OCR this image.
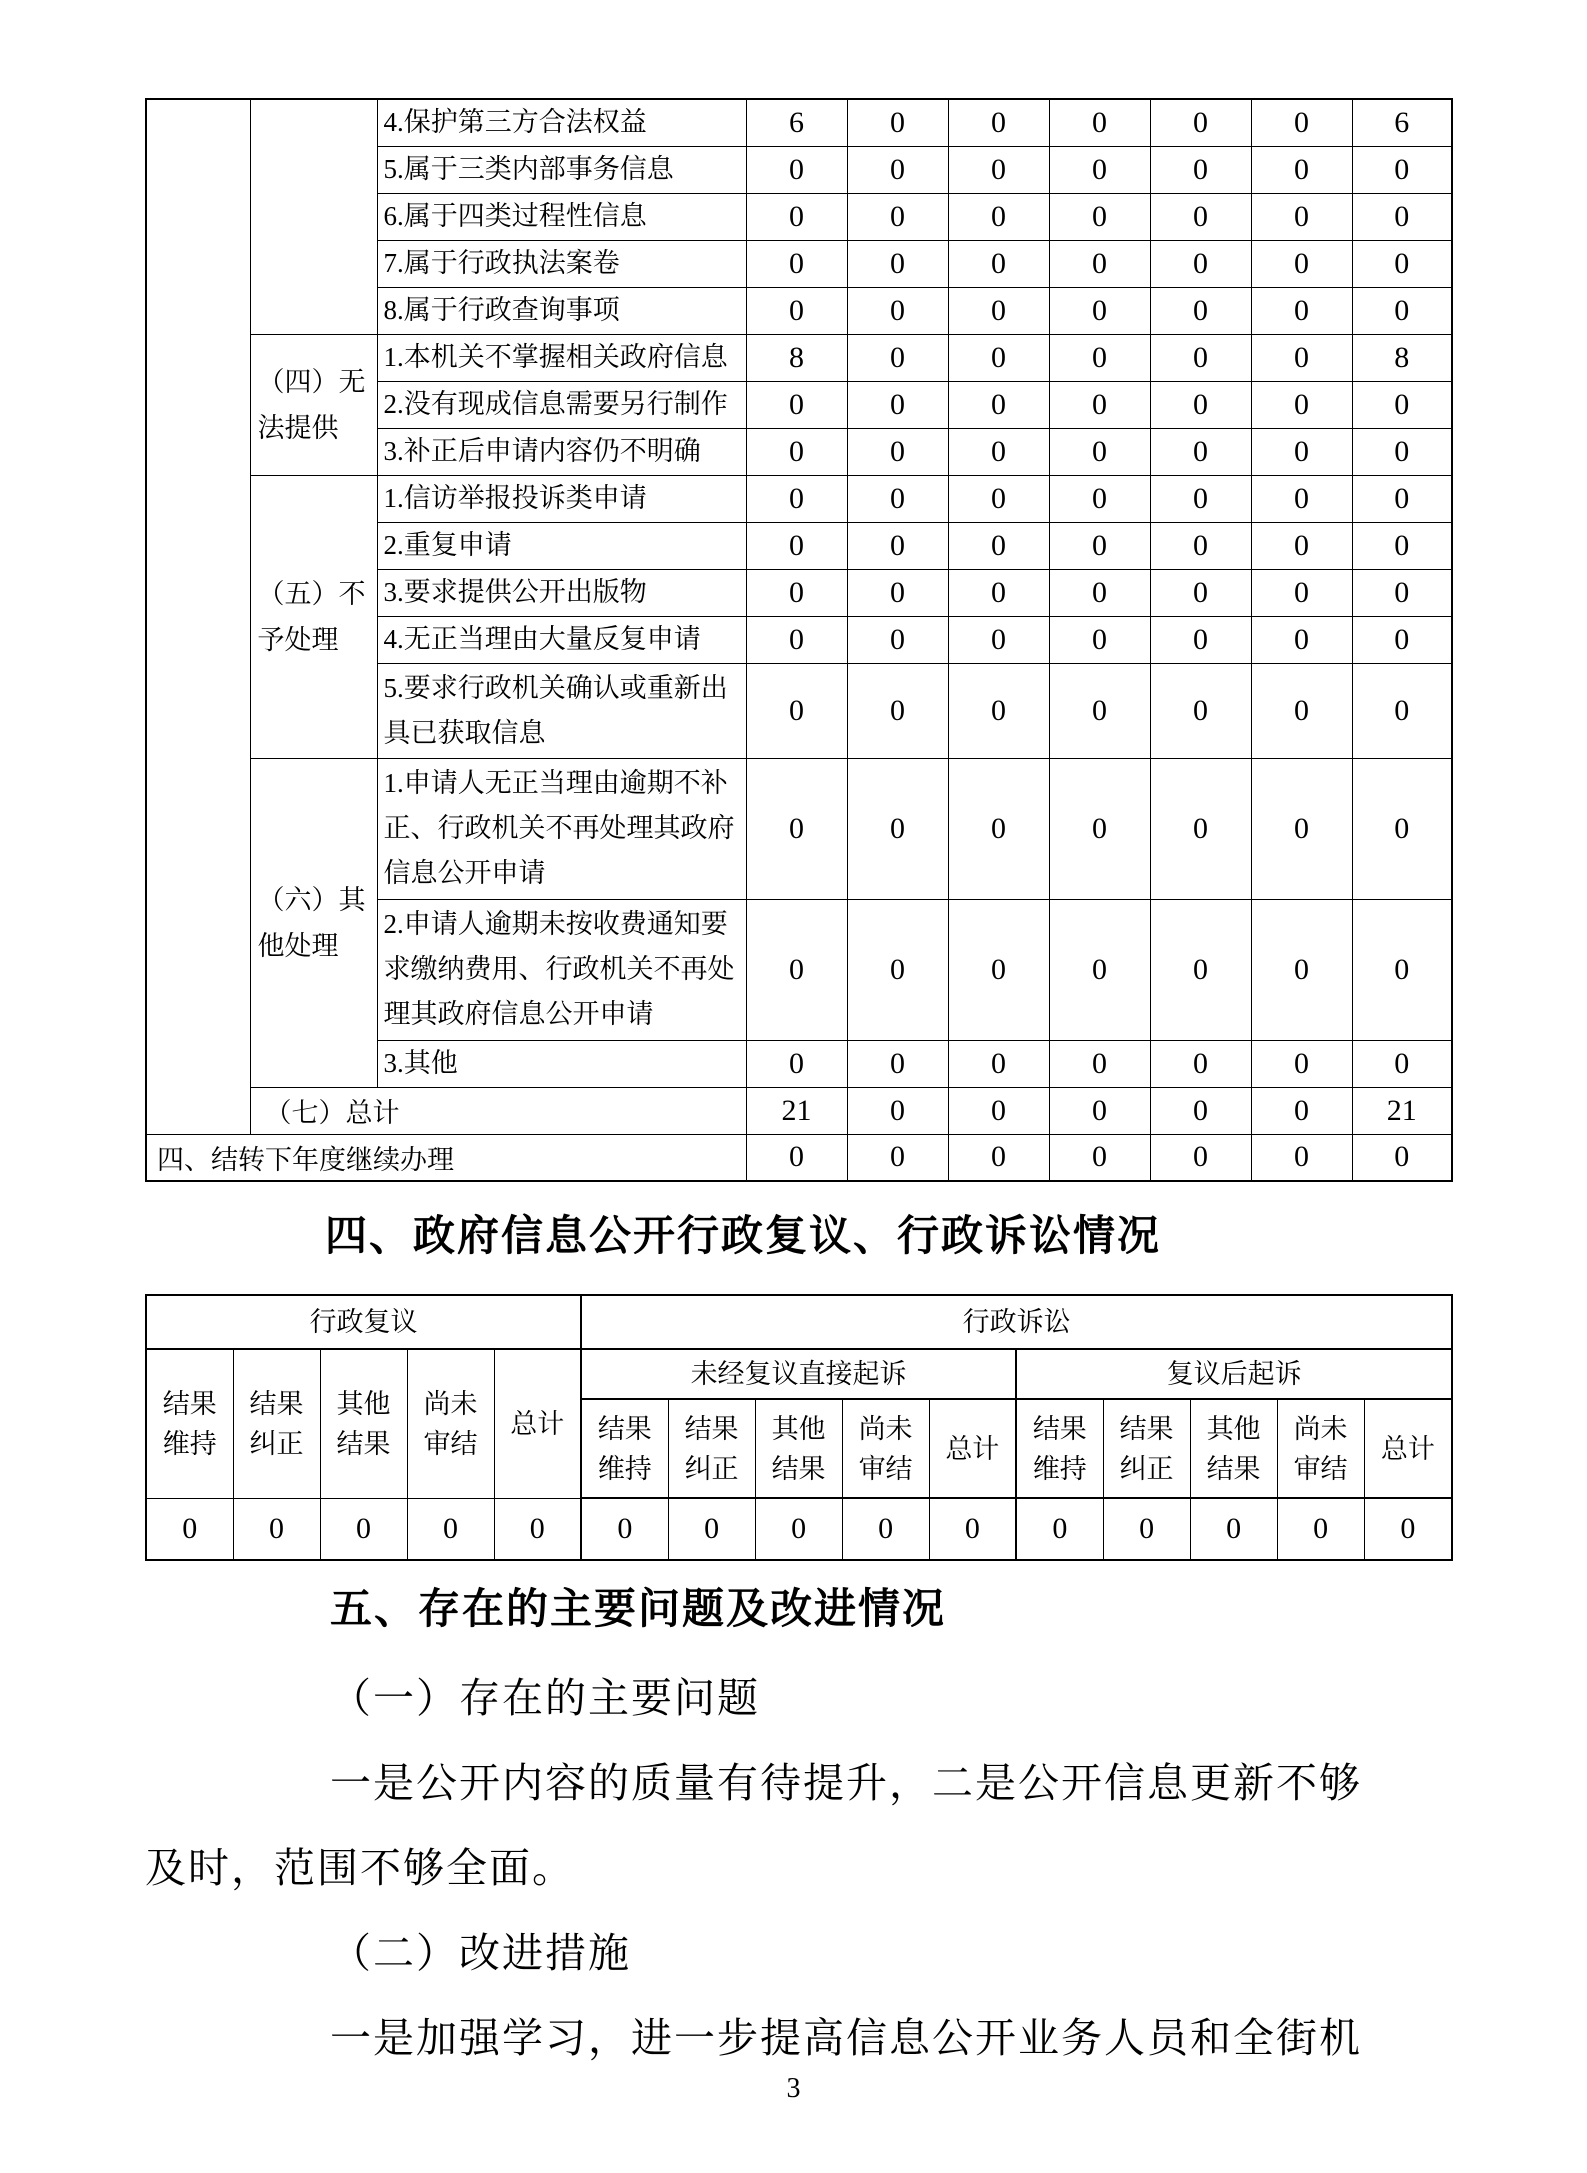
		4.保护第三方合法权益	6	0	0	0	0	0	6
		5.属于三类内部事务信息	0	0	0	0	0	0	0
		6.属于四类过程性信息	0	0	0	0	0	0	0
		7.属于行政执法案卷	0	0	0	0	0	0	0
		8.属于行政查询事项	0	0	0	0	0	0	0
	（四）无法提供	1.本机关不掌握相关政府信息	8	0	0	0	0	0	8
		2.没有现成信息需要另行制作	0	0	0	0	0	0	0
		3.补正后申请内容仍不明确	0	0	0	0	0	0	0
	（五）不予处理	1.信访举报投诉类申请	0	0	0	0	0	0	0
		2.重复申请	0	0	0	0	0	0	0
		3.要求提供公开出版物	0	0	0	0	0	0	0
		4.无正当理由大量反复申请	0	0	0	0	0	0	0
		5.要求行政机关确认或重新出具已获取信息	0	0	0	0	0	0	0
	（六）其他处理	1.申请人无正当理由逾期不补正、行政机关不再处理其政府信息公开申请	0	0	0	0	0	0	0
		2.申请人逾期未按收费通知要求缴纳费用、行政机关不再处理其政府信息公开申请	0	0	0	0	0	0	0
		3.其他	0	0	0	0	0	0	0
	（七）总计		21	0	0	0	0	0	21
四、结转下年度继续办理			0	0	0	0	0	0	0
四、政府信息公开行政复议、行政诉讼情况
行政复议					行政诉讼									
结果维持	结果纠正	其他结果	尚未审结	总计	未经复议直接起诉					复议后起诉				
					结果维持	结果纠正	其他结果	尚未审结	总计	结果维持	结果纠正	其他结果	尚未审结	总计
0	0	0	0	0	0	0	0	0	0	0	0	0	0	0
五、存在的主要问题及改进情况
（一）存在的主要问题
一是公开内容的质量有待提升，二是公开信息更新不够
及时，范围不够全面。
（二）改进措施
一是加强学习，进一步提高信息公开业务人员和全街机
3
